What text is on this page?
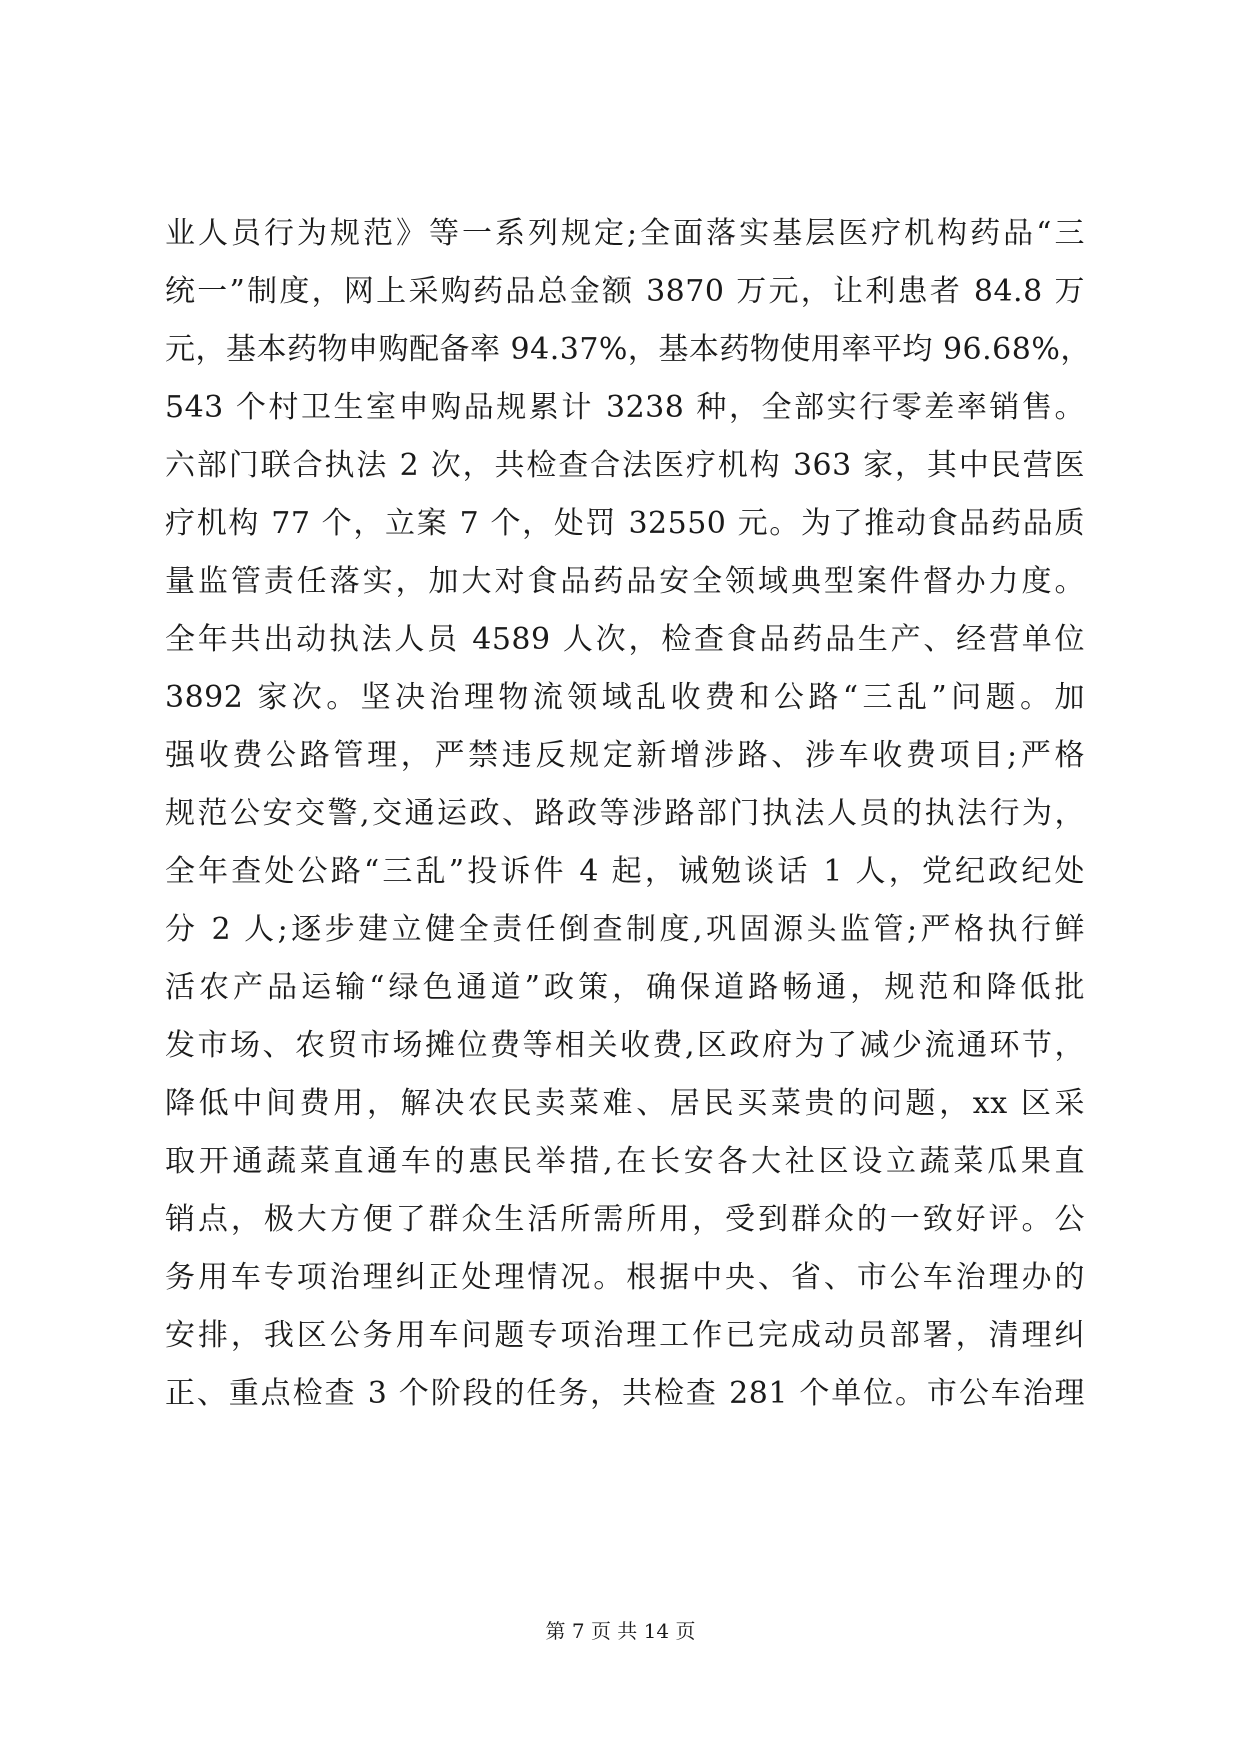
业人员行为规范》等一系列规定;全面落实基层医疗机构药品“三
统一”制度，网上采购药品总金额 3870 万元，让利患者 84.8 万
元，基本药物申购配备率 94.37%，基本药物使用率平均 96.68%，
543 个村卫生室申购品规累计 3238 种，全部实行零差率销售。
六部门联合执法 2 次，共检查合法医疗机构 363 家，其中民营医
疗机构 77 个，立案 7 个，处罚 32550 元。为了推动食品药品质
量监管责任落实，加大对食品药品安全领域典型案件督办力度。
全年共出动执法人员 4589 人次，检查食品药品生产、经营单位
3892 家次。坚决治理物流领域乱收费和公路“三乱”问题。加
强收费公路管理，严禁违反规定新增涉路、涉车收费项目;严格
规范公安交警,交通运政、路政等涉路部门执法人员的执法行为，
全年查处公路“三乱”投诉件 4 起，诫勉谈话 1 人，党纪政纪处
分 2 人;逐步建立健全责任倒查制度,巩固源头监管;严格执行鲜
活农产品运输“绿色通道”政策，确保道路畅通，规范和降低批
发市场、农贸市场摊位费等相关收费,区政府为了减少流通环节，
降低中间费用，解决农民卖菜难、居民买菜贵的问题，xx 区采
取开通蔬菜直通车的惠民举措,在长安各大社区设立蔬菜瓜果直
销点，极大方便了群众生活所需所用，受到群众的一致好评。公
务用车专项治理纠正处理情况。根据中央、省、市公车治理办的
安排，我区公务用车问题专项治理工作已完成动员部署，清理纠
正、重点检查 3 个阶段的任务，共检查 281 个单位。市公车治理
第 7 页 共 14 页
